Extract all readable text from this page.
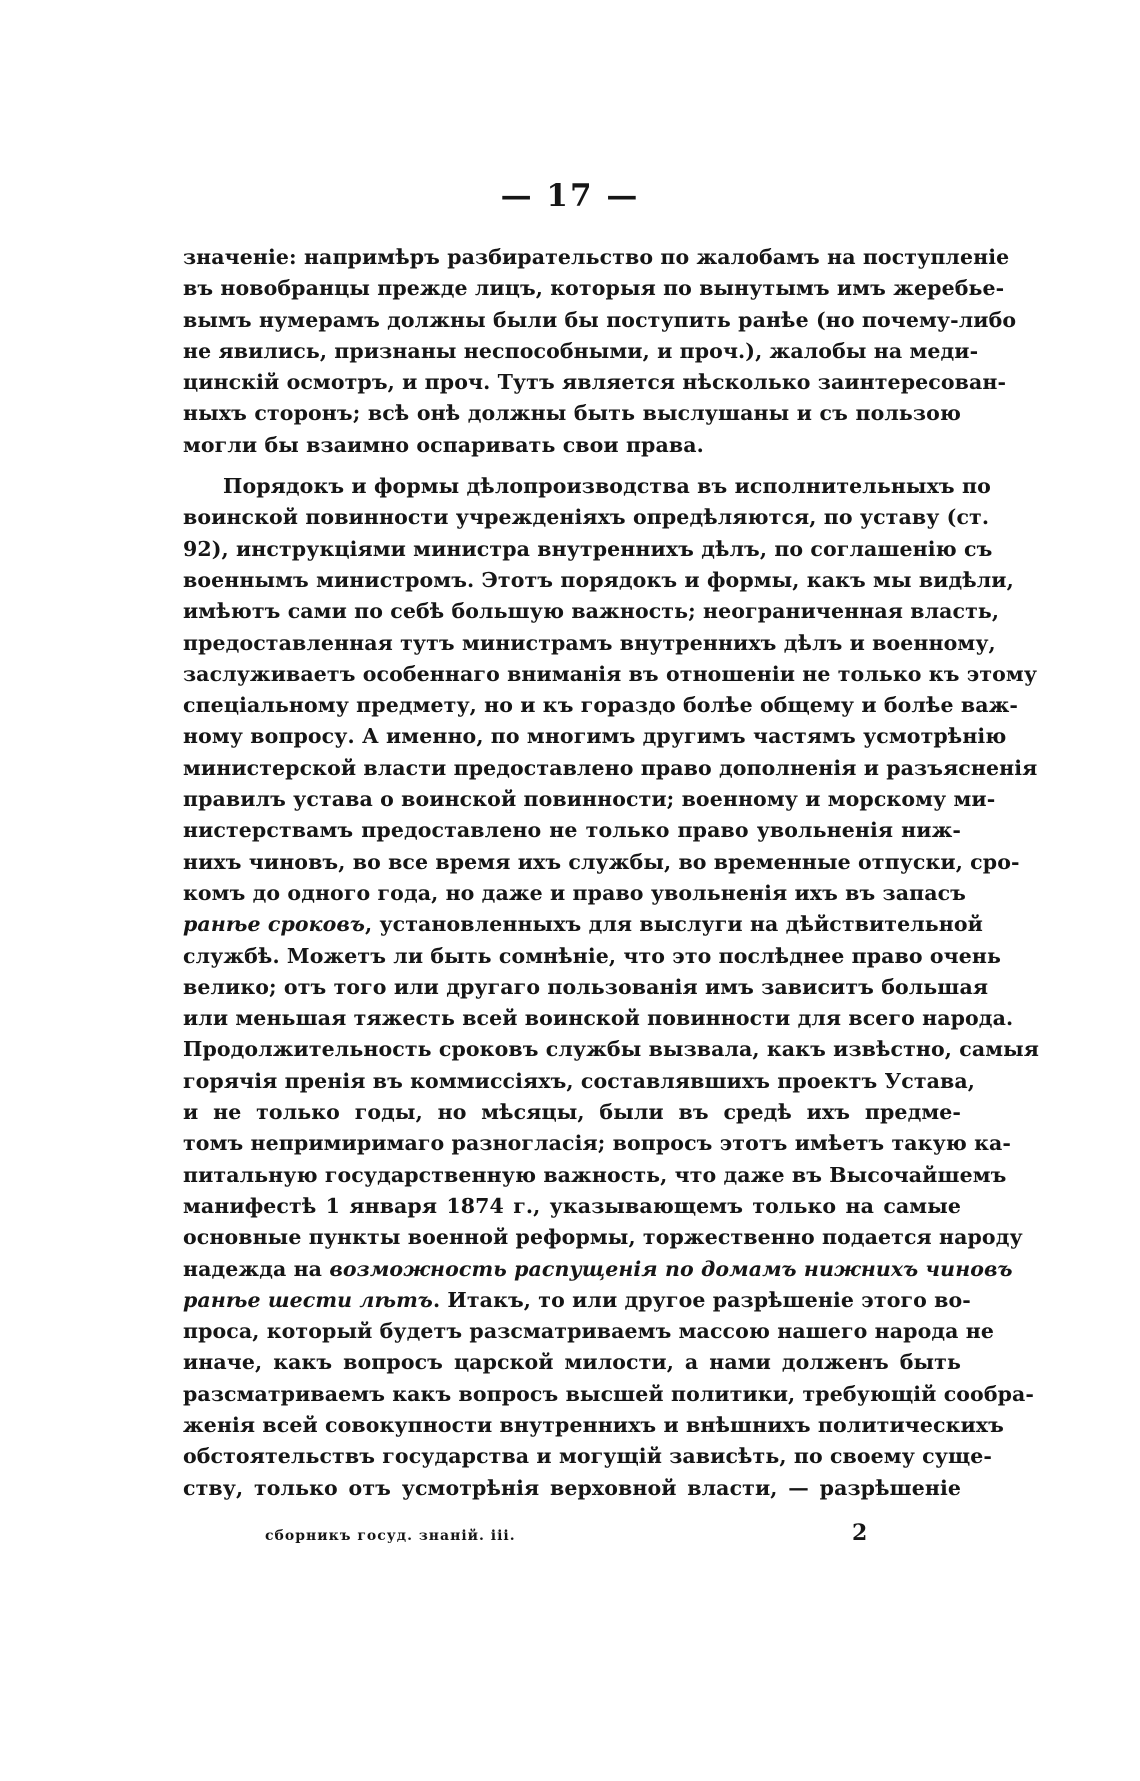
— 17 —
значеніе: напримѣръ разбирательство по жалобамъ на поступленіе
въ новобранцы прежде лицъ, которыя по вынутымъ имъ жеребье-
вымъ нумерамъ должны были бы поступить ранѣе (но почему-либо
не явились, признаны неспособными, и проч.), жалобы на меди-
цинскій осмотръ, и проч. Тутъ является нѣсколько заинтересован-
ныхъ сторонъ; всѣ онѣ должны быть выслушаны и съ пользою
могли бы взаимно оспаривать свои права.
Порядокъ и формы дѣлопроизводства въ исполнительныхъ по
воинской повинности учрежденіяхъ опредѣляются, по уставу (ст.
92), инструкціями министра внутреннихъ дѣлъ, по соглашенію съ
военнымъ министромъ. Этотъ порядокъ и формы, какъ мы видѣли,
имѣютъ сами по себѣ большую важность; неограниченная власть,
предоставленная тутъ министрамъ внутреннихъ дѣлъ и военному,
заслуживаетъ особеннаго вниманія въ отношеніи не только къ этому
спеціальному предмету, но и къ гораздо болѣе общему и болѣе важ-
ному вопросу. А именно, по многимъ другимъ частямъ усмотрѣнію
министерской власти предоставлено право дополненія и разъясненія
правилъ устава о воинской повинности; военному и морскому ми-
нистерствамъ предоставлено не только право увольненія ниж-
нихъ чиновъ, во все время ихъ службы, во временные отпуски, сро-
комъ до одного года, но даже и право увольненія ихъ въ запасъ
ранѣе сроковъ, установленныхъ для выслуги на дѣйствительной
службѣ. Можетъ ли быть сомнѣніе, что это послѣднее право очень
велико; отъ того или другаго пользованія имъ зависитъ большая
или меньшая тяжесть всей воинской повинности для всего народа.
Продолжительность сроковъ службы вызвала, какъ извѣстно, самыя
горячія пренія въ коммиссіяхъ, составлявшихъ проектъ Устава,
и не только годы, но мѣсяцы, были въ средѣ ихъ предме-
томъ непримиримаго разногласія; вопросъ этотъ имѣетъ такую ка-
питальную государственную важность, что даже въ Высочайшемъ
манифестѣ 1 января 1874 г., указывающемъ только на самые
основные пункты военной реформы, торжественно подается народу
надежда на возможность распущенія по домамъ нижнихъ чиновъ
ранѣе шести лѣтъ. Итакъ, то или другое разрѣшеніе этого во-
проса, который будетъ разсматриваемъ массою нашего народа не
иначе, какъ вопросъ царской милости, а нами долженъ быть
разсматриваемъ какъ вопросъ высшей политики, требующій сообра-
женія всей совокупности внутреннихъ и внѣшнихъ политическихъ
обстоятельствъ государства и могущій зависѣть, по своему суще-
ству, только отъ усмотрѣнія верховной власти, — разрѣшеніе
сборникъ госуд. знаній. ііі.	2
